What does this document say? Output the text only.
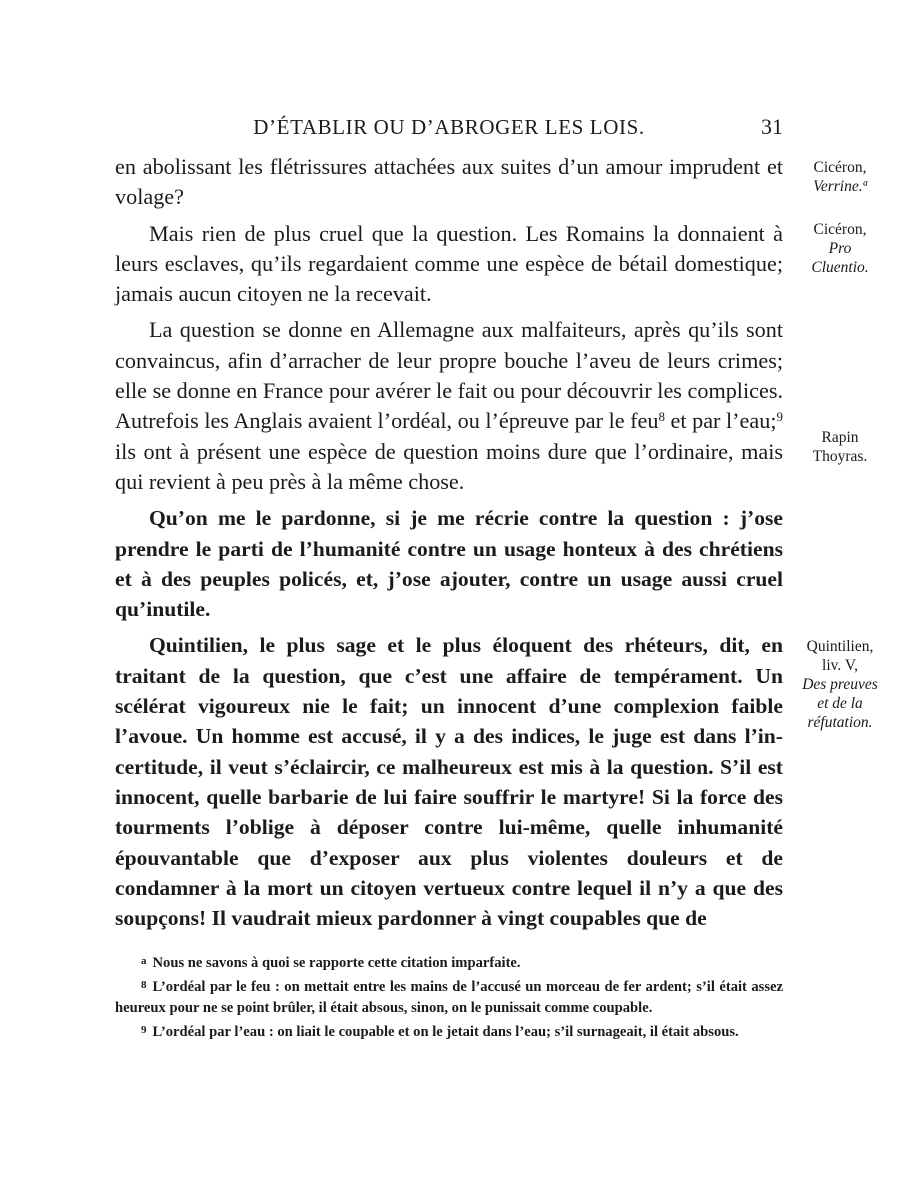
D’ÉTABLIR OU D’ABROGER LES LOIS.	31

en abolissant les flétrissures attachées aux suites d’un amour imprudent et volage?

Mais rien de plus cruel que la question. Les Romains la donnaient à leurs esclaves, qu’ils regardaient comme une espèce de bétail domestique; jamais aucun citoyen ne la recevait.

La question se donne en Allemagne aux malfaiteurs, après qu’ils sont convaincus, afin d’arracher de leur propre bouche l’aveu de leurs crimes; elle se donne en France pour avérer le fait ou pour découvrir les complices. Autrefois les Anglais avaient l’ordéal, ou l’épreuve par le feu$^8$ et par l’eau;$^9$ ils ont à présent une espèce de question moins dure que l’ordinaire, mais qui revient à peu près à la même chose.

Qu’on me le pardonne, si je me récrie contre la question : j’ose prendre le parti de l’humanité contre un usage honteux à des chrétiens et à des peuples policés, et, j’ose ajouter, contre un usage aussi cruel qu’inutile.

Quintilien, le plus sage et le plus éloquent des rhéteurs, dit, en traitant de la question, que c’est une affaire de tempérament. Un scélérat vigoureux nie le fait; un innocent d’une complexion faible l’avoue. Un homme est accusé, il y a des indices, le juge est dans l’incertitude, il veut s’éclaircir, ce malheureux est mis à la question. S’il est innocent, quelle barbarie de lui faire souffrir le martyre! Si la force des tourments l’oblige à déposer contre lui-même, quelle inhumanité épouvantable que d’exposer aux plus violentes douleurs et de condamner à la mort un citoyen vertueux contre lequel il n’y a que des soupçons! Il vaudrait mieux pardonner à vingt coupables que de

Cicéron,
Verrine.ª
Cicéron,
Pro
Cluentio.
Rapin
Thoyras.
Quintilien,
liv. V,
Des preuves
et de la
réfutation.

$^a$ Nous ne savons à quoi se rapporte cette citation imparfaite.

$^8$ L’ordéal par le feu : on mettait entre les mains de l’accusé un morceau de fer ardent; s’il était assez heureux pour ne se point brûler, il était absous, sinon, on le punissait comme coupable.

$^9$ L’ordéal par l’eau : on liait le coupable et on le jetait dans l’eau; s’il surnageait, il était absous.
